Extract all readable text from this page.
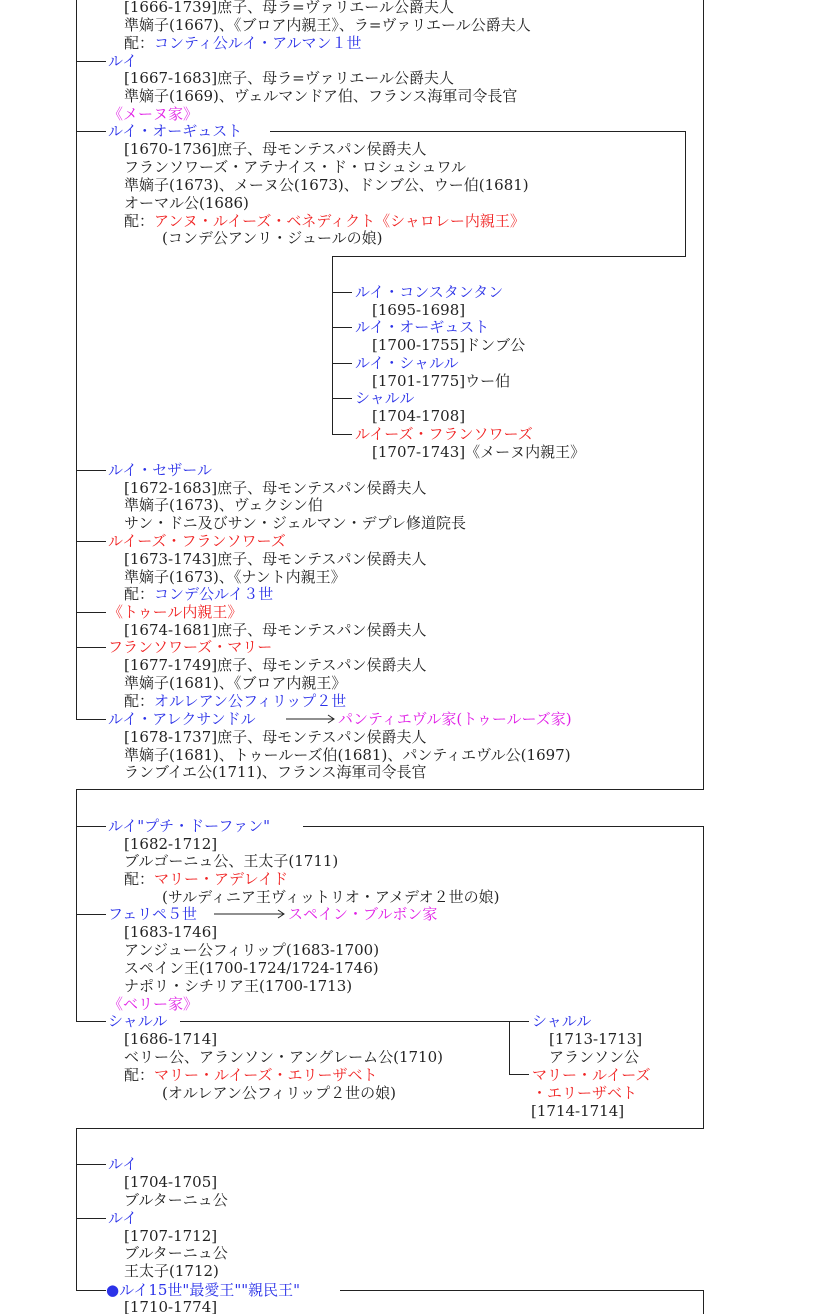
[1666-1739]庶子、母ラ=ヴァリエール公爵夫人
準嫡子(1667)、《ブロア内親王》、ラ=ヴァリエール公爵夫人
配：コンティ公ルイ・アルマン１世
ルイ
[1667-1683]庶子、母ラ=ヴァリエール公爵夫人
準嫡子(1669)、ヴェルマンドア伯、フランス海軍司令長官
《メーヌ家》
ルイ・オーギュスト
[1670-1736]庶子、母モンテスパン侯爵夫人
フランソワーズ・アテナイス・ド・ロシュシュワル
準嫡子(1673)、メーヌ公(1673)、ドンブ公、ウー伯(1681)
オーマル公(1686)
配：アンヌ・ルイーズ・ベネディクト《シャロレー内親王》
(コンデ公アンリ・ジュールの娘)
ルイ・コンスタンタン
[1695-1698]
ルイ・オーギュスト
[1700-1755]ドンブ公
ルイ・シャルル
[1701-1775]ウー伯
シャルル
[1704-1708]
ルイーズ・フランソワーズ
[1707-1743]《メーヌ内親王》
ルイ・セザール
[1672-1683]庶子、母モンテスパン侯爵夫人
準嫡子(1673)、ヴェクシン伯
サン・ドニ及びサン・ジェルマン・デプレ修道院長
ルイーズ・フランソワーズ
[1673-1743]庶子、母モンテスパン侯爵夫人
準嫡子(1673)、《ナント内親王》
配：コンデ公ルイ３世
《トゥール内親王》
[1674-1681]庶子、母モンテスパン侯爵夫人
フランソワーズ・マリー
[1677-1749]庶子、母モンテスパン侯爵夫人
準嫡子(1681)、《ブロア内親王》
配：オルレアン公フィリップ２世
ルイ・アレクサンドル	パンティエヴル家(トゥールーズ家)
[1678-1737]庶子、母モンテスパン侯爵夫人
準嫡子(1681)、トゥールーズ伯(1681)、パンティエヴル公(1697)
ランブイエ公(1711)、フランス海軍司令長官
ルイ"プチ・ドーファン"
[1682-1712]
ブルゴーニュ公、王太子(1711)
配：マリー・アデレイド
(サルディニア王ヴィットリオ・アメデオ２世の娘)
フェリペ５世	スペイン・ブルボン家
[1683-1746]
アンジュー公フィリップ(1683-1700)
スペイン王(1700-1724/1724-1746)
ナポリ・シチリア王(1700-1713)
《ベリー家》
シャルル
[1686-1714]
ベリー公、アランソン・アングレーム公(1710)
配：マリー・ルイーズ・エリーザベト
(オルレアン公フィリップ２世の娘)
シャルル
[1713-1713]
アランソン公
マリー・ルイーズ
・エリーザベト
[1714-1714]
ルイ
[1704-1705]
ブルターニュ公
ルイ
[1707-1712]
ブルターニュ公
王太子(1712)
●ルイ15世"最愛王""親民王"
[1710-1774]
